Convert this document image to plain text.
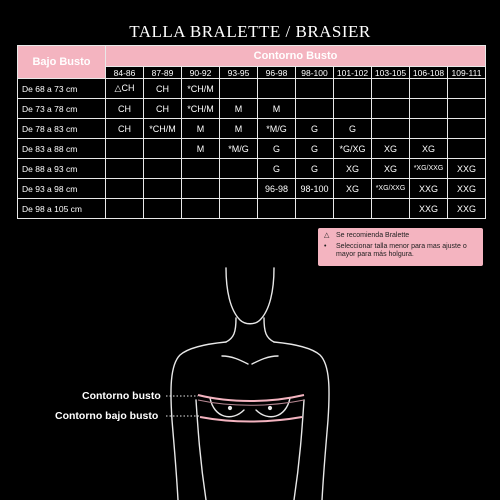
TALLA BRALETTE / BRASIER
Bajo Busto	Contorno Busto									
	84-86	87-89	90-92	93-95	96-98	98-100	101-102	103-105	106-108	109-111
De 68 a 73 cm	△CH	CH	*CH/M							
De 73 a 78 cm	CH	CH	*CH/M	M	M					
De 78 a 83 cm	CH	*CH/M	M	M	*M/G	G	G			
De 83 a 88 cm			M	*M/G	G	G	*G/XG	XG	XG	
De 88 a 93 cm					G	G	XG	XG	*XG/XXG	XXG
De 93 a 98 cm					96-98	98-100	XG	*XG/XXG	XXG	XXG
De 98 a 105 cm									XXG	XXG
△ Se recomienda Bralette
•	Seleccionar talla menor para mas ajuste o mayor para más holgura.
Contorno busto
Contorno bajo busto
